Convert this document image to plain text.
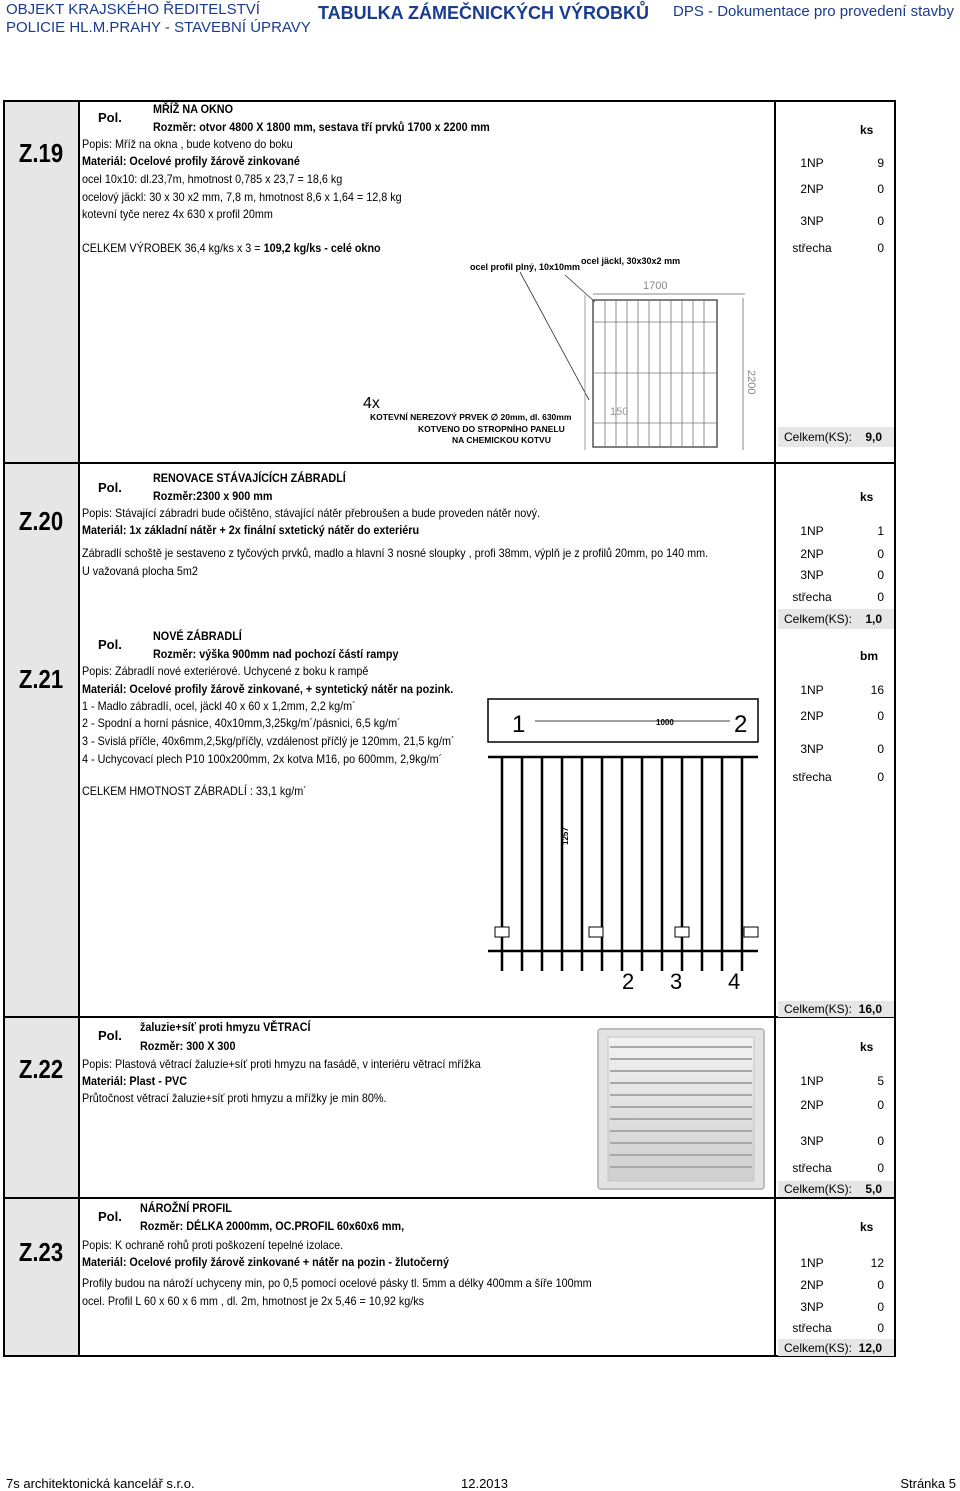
OBJEKT KRAJSKÉHO ŘEDITELSTVÍ
POLICIE HL.M.PRAHY - STAVEBNÍ ÚPRAVY
TABULKA ZÁMEČNICKÝCH VÝROBKŮ DPS - Dokumentace pro provedení stavby
Z.19
Pol.
MŘÍŽ NA OKNO
Rozměr: otvor 4800 X 1800 mm, sestava tří prvků 1700 x 2200 mm
Popis: Mříž na okna , bude kotveno do boku
Materiál: Ocelové profily žárově zinkované
ocel 10x10: dl.23,7m, hmotnost 0,785 x 23,7 = 18,6 kg
ocelový jäckl: 30 x 30 x2 mm, 7,8 m, hmotnost 8,6 x 1,64 = 12,8 kg
kotevní tyče nerez 4x 630 x profil 20mm
CELKEM VÝROBEK 36,4 kg/ks x 3 = 109,2 kg/ks - celé okno
ks
1NP	9
2NP	0
3NP	0
střecha	0
Celkem(KS): 9,0
ocel profil plný, 10x10mm
ocel jäckl, 30x30x2 mm
1700
2200
150
4x
KOTEVNÍ NEREZOVÝ PRVEK ∅ 20mm, dl. 630mm
KOTVENO DO STROPNÍHO PANELU
NA CHEMICKOU KOTVU
Z.20
Pol.
RENOVACE STÁVAJÍCÍCH ZÁBRADLÍ
Rozměr:2300 x 900 mm
Popis: Stávající zábradri bude očištěno, stávající nátěr přebroušen a bude proveden nátěr nový.
Materiál: 1x základní nátěr + 2x finální sxtetický nátěr do exteriéru
Zábradlí schoště je sestaveno z tyčových prvků, madlo a hlavní 3 nosné sloupky , profi 38mm, výplň je z profilů 20mm, po 140 mm.
U važovaná plocha 5m2
ks
1NP	1
2NP	0
3NP	0
střecha	0
Celkem(KS): 1,0
Z.21
Pol.
NOVÉ ZÁBRADLÍ
Rozměr: výška 900mm nad pochozí částí rampy
Popis: Zábradlí nové exteriérové. Uchycené z boku k rampě
Materiál: Ocelové profily žárově zinkované, + syntetický nátěr na pozink.
1 - Madlo zábradlí, ocel, jäckl 40 x 60 x 1,2mm, 2,2 kg/m´
2 - Spodní a horní pásnice, 40x10mm,3,25kg/m´/pásnici, 6,5 kg/m´
3 - Svislá příčle, 40x6mm,2,5kg/příčly, vzdálenost příčlý je 120mm, 21,5 kg/m´
4 - Uchycovací plech P10 100x200mm, 2x kotva M16, po 600mm, 2,9kg/m´
CELKEM HMOTNOST ZÁBRADLÍ : 33,1 kg/m´
bm
1NP	16
2NP	0
3NP	0
střecha	0
Celkem(KS): 16,0
1	2
1000
1257
2 3 4
Z.22
Pol.
žaluzie+síť proti hmyzu VĚTRACÍ
Rozměr: 300 X 300
Popis: Plastová větrací žaluzie+síť proti hmyzu na fasádě, v interiéru větrací mřížka
Materiál: Plast - PVC
Průtočnost větrací žaluzie+síť proti hmyzu a mřížky je min 80%.
ks
1NP	5
2NP	0
3NP	0
střecha	0
Celkem(KS): 5,0
Z.23
Pol.
NÁROŽNÍ PROFIL
Rozměr: DÉLKA 2000mm, OC.PROFIL 60x60x6 mm,
Popis: K ochraně rohů proti poškození tepelné izolace.
Materiál: Ocelové profily žárově zinkované + nátěr na pozin - žlutočerný
Profily budou na nároží uchyceny min, po 0,5 pomocí ocelové pásky tl. 5mm a délky 400mm a šíře 100mm
ocel. Profil L 60 x 60 x 6 mm , dl. 2m, hmotnost je 2x 5,46 = 10,92 kg/ks
ks
1NP	12
2NP	0
3NP	0
střecha	0
Celkem(KS): 12,0
7s architektonická kancelář s.r.o.	12.2013	Stránka 5
